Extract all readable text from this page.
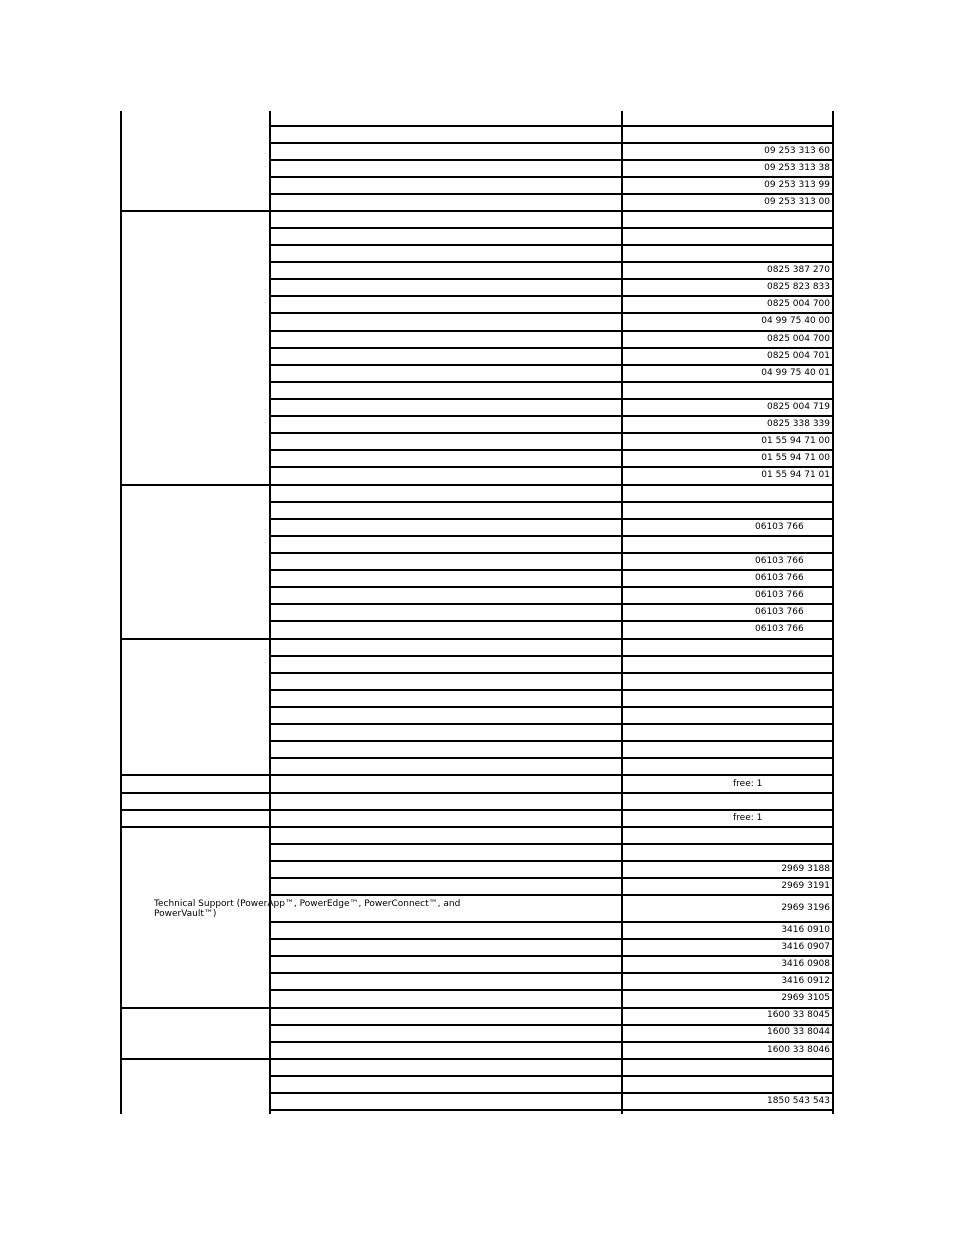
09 253 313 60
09 253 313 38
09 253 313 99
09 253 313 00
0825 387 270
0825 823 833
0825 004 700
04 99 75 40 00
0825 004 700
0825 004 701
04 99 75 40 01
0825 004 719
0825 338 339
01 55 94 71 00
01 55 94 71 00
01 55 94 71 01
06103 766
06103 766
06103 766
06103 766
06103 766
06103 766
2969 3188
2969 3191
2969 3196
3416 0910
3416 0907
3416 0908
3416 0912
2969 3105
1600 33 8045
1600 33 8044
1600 33 8046
1850 543 543
free: 1
free: 1
Technical Support (PowerApp™, PowerEdge™, PowerConnect™, and PowerVault™)
